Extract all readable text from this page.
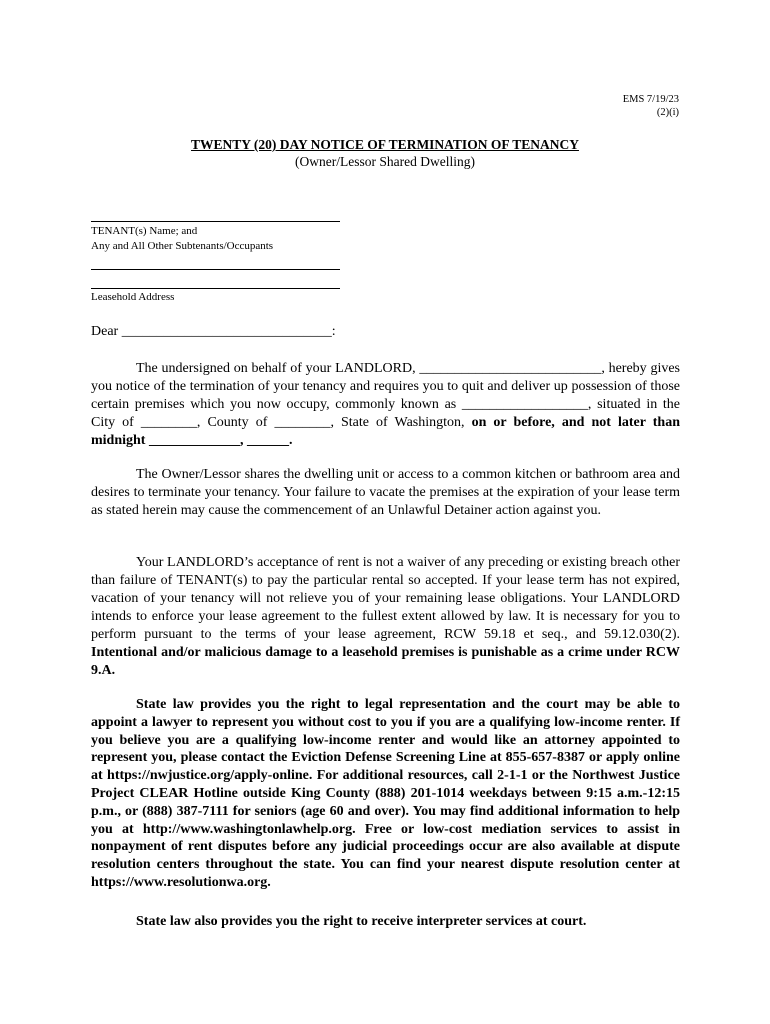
EMS 7/19/23
(2)(i)
TWENTY (20) DAY NOTICE OF TERMINATION OF TENANCY
(Owner/Lessor Shared Dwelling)
TENANT(s) Name; and
Any and All Other Subtenants/Occupants
Leasehold Address
Dear ______________________________:
The undersigned on behalf of your LANDLORD, __________________________, hereby gives you notice of the termination of your tenancy and requires you to quit and deliver up possession of those certain premises which you now occupy, commonly known as __________________, situated in the City of ________, County of ________, State of Washington, on or before, and not later than midnight _____________, ______.
The Owner/Lessor shares the dwelling unit or access to a common kitchen or bathroom area and desires to terminate your tenancy. Your failure to vacate the premises at the expiration of your lease term as stated herein may cause the commencement of an Unlawful Detainer action against you.
Your LANDLORD’s acceptance of rent is not a waiver of any preceding or existing breach other than failure of TENANT(s) to pay the particular rental so accepted. If your lease term has not expired, vacation of your tenancy will not relieve you of your remaining lease obligations. Your LANDLORD intends to enforce your lease agreement to the fullest extent allowed by law. It is necessary for you to perform pursuant to the terms of your lease agreement, RCW 59.18 et seq., and 59.12.030(2). Intentional and/or malicious damage to a leasehold premises is punishable as a crime under RCW 9.A.
State law provides you the right to legal representation and the court may be able to appoint a lawyer to represent you without cost to you if you are a qualifying low-income renter. If you believe you are a qualifying low-income renter and would like an attorney appointed to represent you, please contact the Eviction Defense Screening Line at 855-657-8387 or apply online at https://nwjustice.org/apply-online. For additional resources, call 2-1-1 or the Northwest Justice Project CLEAR Hotline outside King County (888) 201-1014 weekdays between 9:15 a.m.-12:15 p.m., or (888) 387-7111 for seniors (age 60 and over). You may find additional information to help you at http://www.washingtonlawhelp.org. Free or low-cost mediation services to assist in nonpayment of rent disputes before any judicial proceedings occur are also available at dispute resolution centers throughout the state. You can find your nearest dispute resolution center at https://www.resolutionwa.org.
State law also provides you the right to receive interpreter services at court.
